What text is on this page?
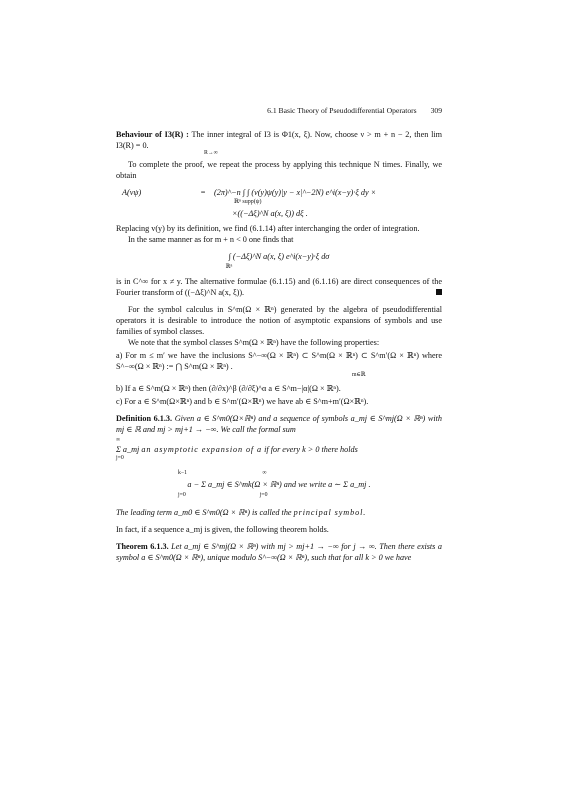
6.1 Basic Theory of Pseudodifferential Operators 309

Behaviour of I3(R) : The inner integral of I3 is Φ1(x, ξ). Now, choose ν > m + n − 2, then lim I3(R) = 0.

R→∞

To complete the proof, we repeat the process by applying this technique N times. Finally, we obtain

A(vψ)	=	(2π)^−n ∫ ∫ (v(y)ψ(y)|y − x|^−2N) e^i(x−y)·ξ dy ×
ℝⁿ supp(ψ)
×((−Δξ)^N a(x, ξ)) dξ .

Replacing v(y) by its definition, we find (6.1.14) after interchanging the order of integration.

In the same manner as for m + n < 0 one finds that

∫ (−Δξ)^N a(x, ξ) e^i(x−y)·ξ dσ
ℝⁿ

is in C^∞ for x ≠ y. The alternative formulae (6.1.15) and (6.1.16) are direct consequences of the Fourier transform of ((−Δξ)^N a(x, ξ)).

For the symbol calculus in S^m(Ω × ℝⁿ) generated by the algebra of pseudodifferential operators it is desirable to introduce the notion of asymptotic expansions of symbols and use families of symbol classes.

We note that the symbol classes S^m(Ω × ℝⁿ) have the following properties:

a) For m ≤ m′ we have the inclusions S^−∞(Ω × ℝⁿ) ⊂ S^m(Ω × ℝⁿ) ⊂ S^m′(Ω × ℝⁿ) where S^−∞(Ω × ℝⁿ) := ⋂ S^m(Ω × ℝⁿ) .
m∈ℝ
b) If a ∈ S^m(Ω × ℝⁿ) then (∂/∂x)^β (∂/∂ξ)^α a ∈ S^m−|α|(Ω × ℝⁿ).
c) For a ∈ S^m(Ω×ℝⁿ) and b ∈ S^m′(Ω×ℝⁿ) we have ab ∈ S^m+m′(Ω×ℝⁿ).

Definition 6.1.3. Given a ∈ S^m0(Ω×ℝⁿ) and a sequence of symbols a_mj ∈ S^mj(Ω × ℝⁿ) with mj ∈ ℝ and mj > mj+1 → −∞. We call the formal sum

∞

Σ a_mj an asymptotic expansion of a if for every k > 0 there holds

j=0
k−1                                                    ∞
a − Σ a_mj ∈ S^mk(Ω × ℝⁿ) and we write a ∼ Σ a_mj .
j=0                                                   j=0

The leading term a_m0 ∈ S^m0(Ω × ℝⁿ) is called the principal symbol.

In fact, if a sequence a_mj is given, the following theorem holds.

Theorem 6.1.3. Let a_mj ∈ S^mj(Ω × ℝⁿ) with mj > mj+1 → −∞ for j → ∞. Then there exists a symbol a ∈ S^m0(Ω × ℝⁿ), unique modulo S^−∞(Ω × ℝⁿ), such that for all k > 0 we have
